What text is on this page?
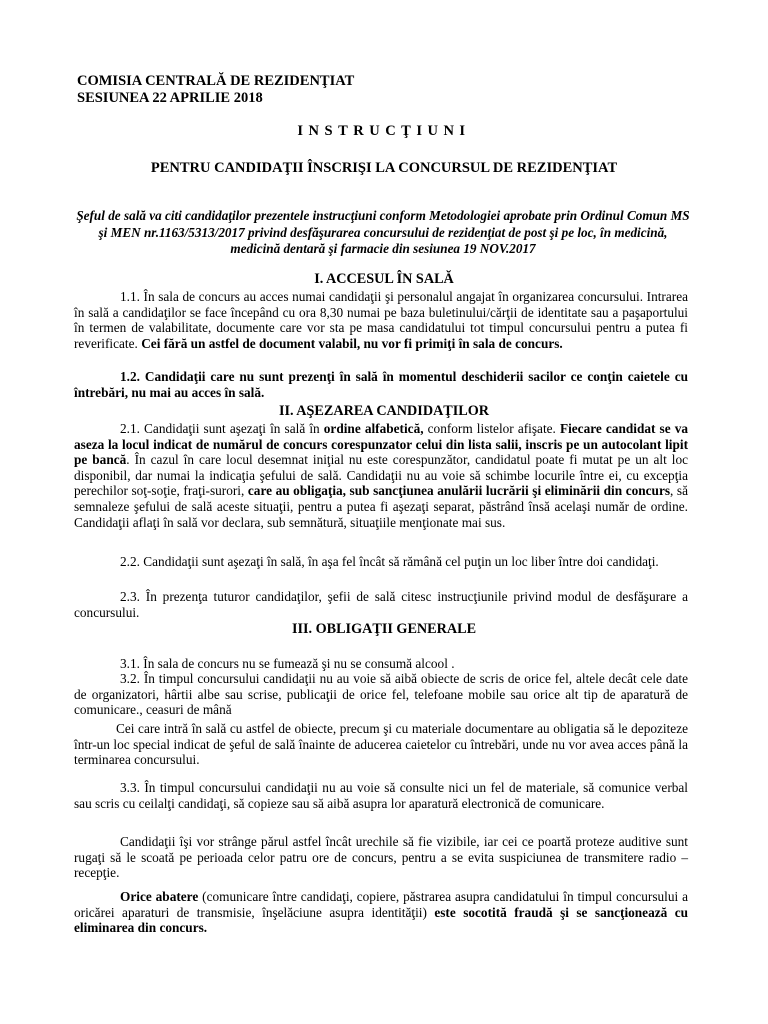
COMISIA CENTRALĂ DE REZIDENŢIAT
SESIUNEA 22 APRILIE 2018
INSTRUCŢIUNI
PENTRU CANDIDAŢII ÎNSCRIŞI LA CONCURSUL DE REZIDENŢIAT
Şeful de sală va citi candidaţilor prezentele instrucţiuni conform Metodologiei aprobate prin Ordinul Comun MS şi MEN nr.1163/5313/2017 privind desfăşurarea concursului de rezidenţiat de post şi pe loc, în medicină, medicină dentară şi farmacie din sesiunea 19 NOV.2017
I. ACCESUL ÎN SALĂ
1.1. În sala de concurs au acces numai candidaţii şi personalul angajat în organizarea concursului. Intrarea în sală a candidaţilor se face începând cu ora 8,30 numai pe baza buletinului/cărţii de identitate sau a paşaportului în termen de valabilitate, documente care vor sta pe masa candidatului tot timpul concursului pentru a putea fi reverificate. Cei fără un astfel de document valabil, nu vor fi primiţi în sala de concurs.
1.2. Candidaţii care nu sunt prezenţi în sală în momentul deschiderii sacilor ce conţin caietele cu întrebări, nu mai au acces în sală.
II. AŞEZAREA CANDIDAŢILOR
2.1. Candidaţii sunt aşezaţi în sală în ordine alfabetică, conform listelor afişate. Fiecare candidat se va aseza la locul indicat de numărul de concurs corespunzator celui din lista salii, inscris pe un autocolant lipit pe bancă. În cazul în care locul desemnat iniţial nu este corespunzător, candidatul poate fi mutat pe un alt loc disponibil, dar numai la indicaţia şefului de sală. Candidaţii nu au voie să schimbe locurile între ei, cu excepţia perechilor soţ-soţie, fraţi-surori, care au obligaţia, sub sancţiunea anulării lucrării şi eliminării din concurs, să semnaleze şefului de sală aceste situaţii, pentru a putea fi aşezaţi separat, păstrând însă acelaşi număr de ordine. Candidaţii aflaţi în sală vor declara, sub semnătură, situaţiile menţionate mai sus.
2.2. Candidaţii sunt aşezaţi în sală, în aşa fel încât să rămână cel puţin un loc liber între doi candidaţi.
2.3. În prezenţa tuturor candidaţilor, şefii de sală citesc instrucţiunile privind modul de desfăşurare a concursului.
III. OBLIGAŢII GENERALE
3.1. În sala de concurs nu se fumează şi nu se consumă alcool .
3.2. În timpul concursului candidaţii nu au voie să aibă obiecte de scris de orice fel, altele decât cele date de organizatori, hârtii albe sau scrise, publicaţii de orice fel, telefoane mobile sau orice alt tip de aparatură de comunicare., ceasuri de mână
Cei care intră în sală cu astfel de obiecte, precum şi cu materiale documentare au obligatia să le depoziteze într-un loc special indicat de şeful de sală înainte de aducerea caietelor cu întrebări, unde nu vor avea acces până la terminarea concursului.
3.3. În timpul concursului candidaţii nu au voie să consulte nici un fel de materiale, să comunice verbal sau scris cu ceilalţi candidaţi, să copieze sau să aibă asupra lor aparatură electronică de comunicare.
Candidaţii îşi vor strânge părul astfel încât urechile să fie vizibile, iar cei ce poartă proteze auditive sunt rugaţi să le scoată pe perioada celor patru ore de concurs, pentru a se evita suspiciunea de transmitere radio – recepţie.
Orice abatere (comunicare între candidaţi, copiere, păstrarea asupra candidatului în timpul concursului a oricărei aparaturi de transmisie, înşelăciune asupra identităţii) este socotită fraudă şi se sancţionează cu eliminarea din concurs.
